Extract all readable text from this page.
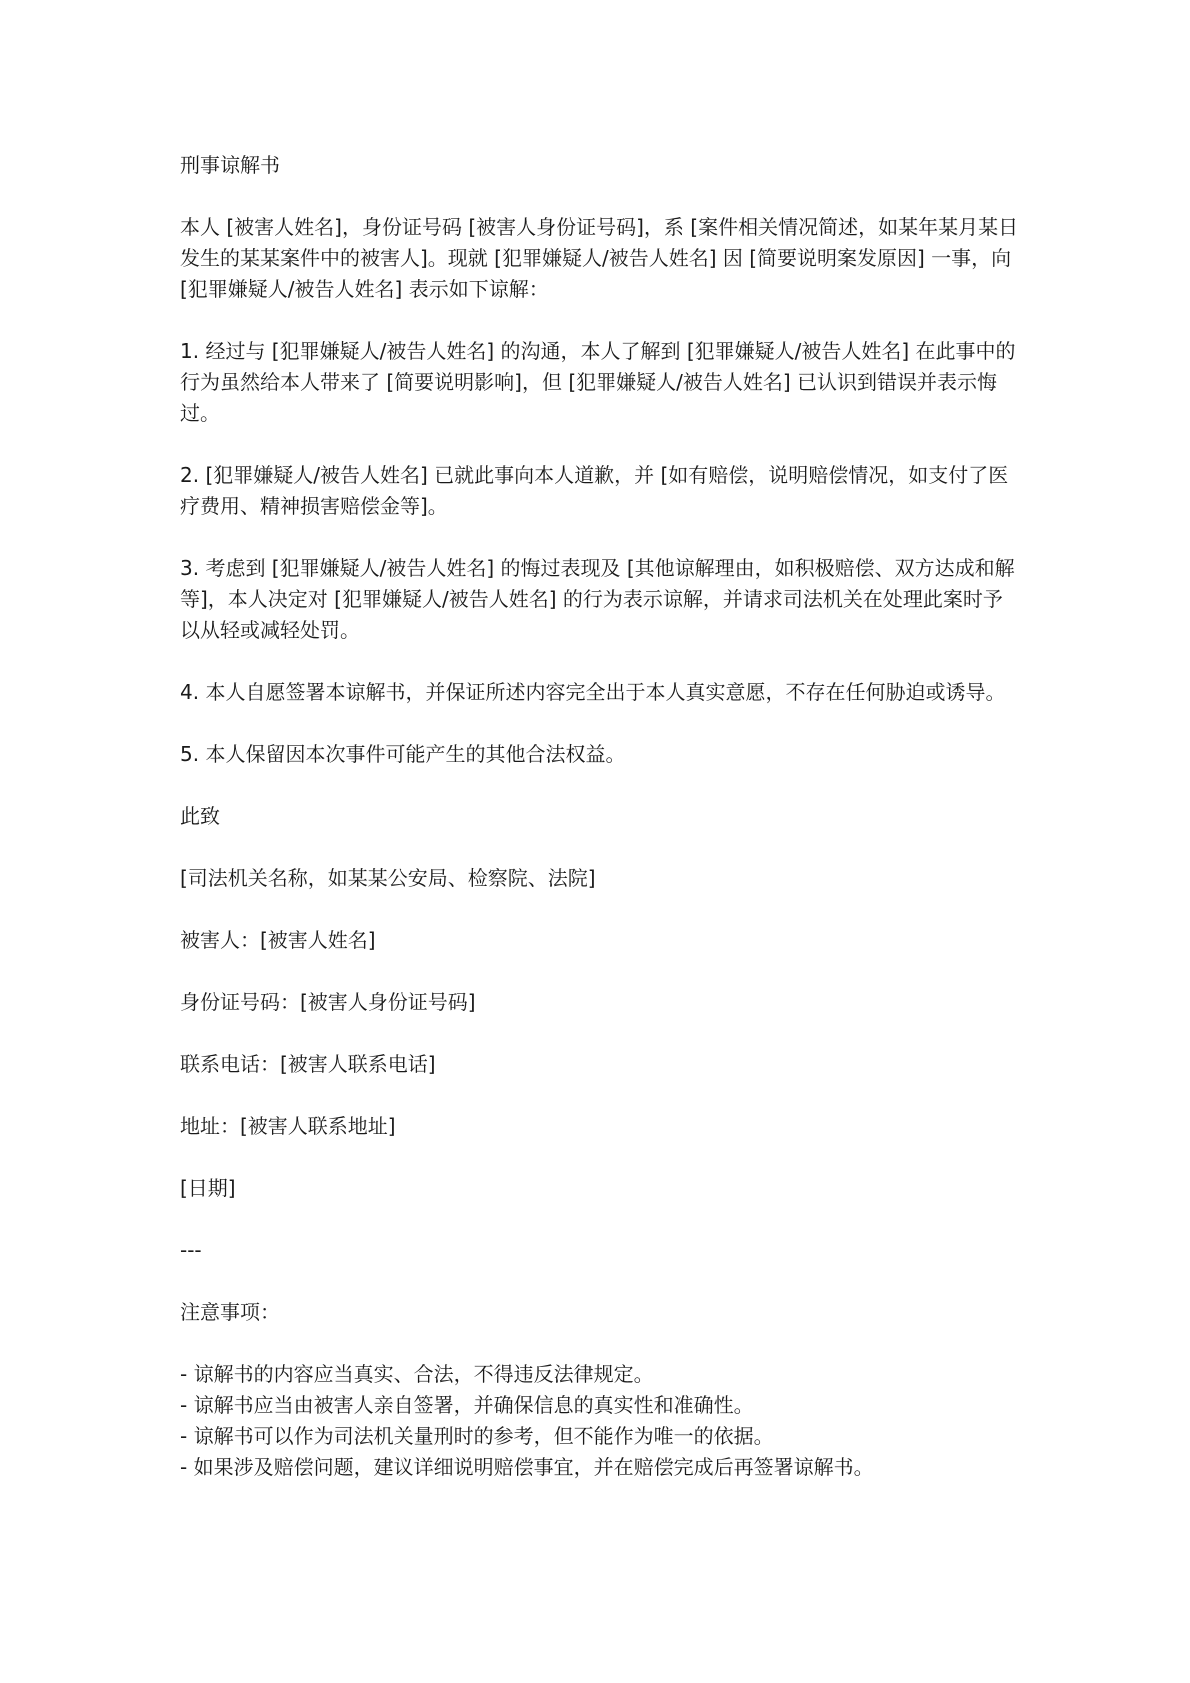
刑事谅解书

本人 [被害人姓名]，身份证号码 [被害人身份证号码]，系 [案件相关情况简述，如某年某月某日发生的某某案件中的被害人]。现就 [犯罪嫌疑人/被告人姓名] 因 [简要说明案发原因] 一事，向 [犯罪嫌疑人/被告人姓名] 表示如下谅解：

1. 经过与 [犯罪嫌疑人/被告人姓名] 的沟通，本人了解到 [犯罪嫌疑人/被告人姓名] 在此事中的行为虽然给本人带来了 [简要说明影响]，但 [犯罪嫌疑人/被告人姓名] 已认识到错误并表示悔过。

2. [犯罪嫌疑人/被告人姓名] 已就此事向本人道歉，并 [如有赔偿，说明赔偿情况，如支付了医疗费用、精神损害赔偿金等]。

3. 考虑到 [犯罪嫌疑人/被告人姓名] 的悔过表现及 [其他谅解理由，如积极赔偿、双方达成和解等]，本人决定对 [犯罪嫌疑人/被告人姓名] 的行为表示谅解，并请求司法机关在处理此案时予以从轻或减轻处罚。

4. 本人自愿签署本谅解书，并保证所述内容完全出于本人真实意愿，不存在任何胁迫或诱导。

5. 本人保留因本次事件可能产生的其他合法权益。

此致

[司法机关名称，如某某公安局、检察院、法院]

被害人：[被害人姓名]

身份证号码：[被害人身份证号码]

联系电话：[被害人联系电话]

地址：[被害人联系地址]

[日期]

---

注意事项：

- 谅解书的内容应当真实、合法，不得违反法律规定。
- 谅解书应当由被害人亲自签署，并确保信息的真实性和准确性。
- 谅解书可以作为司法机关量刑时的参考，但不能作为唯一的依据。
- 如果涉及赔偿问题，建议详细说明赔偿事宜，并在赔偿完成后再签署谅解书。
